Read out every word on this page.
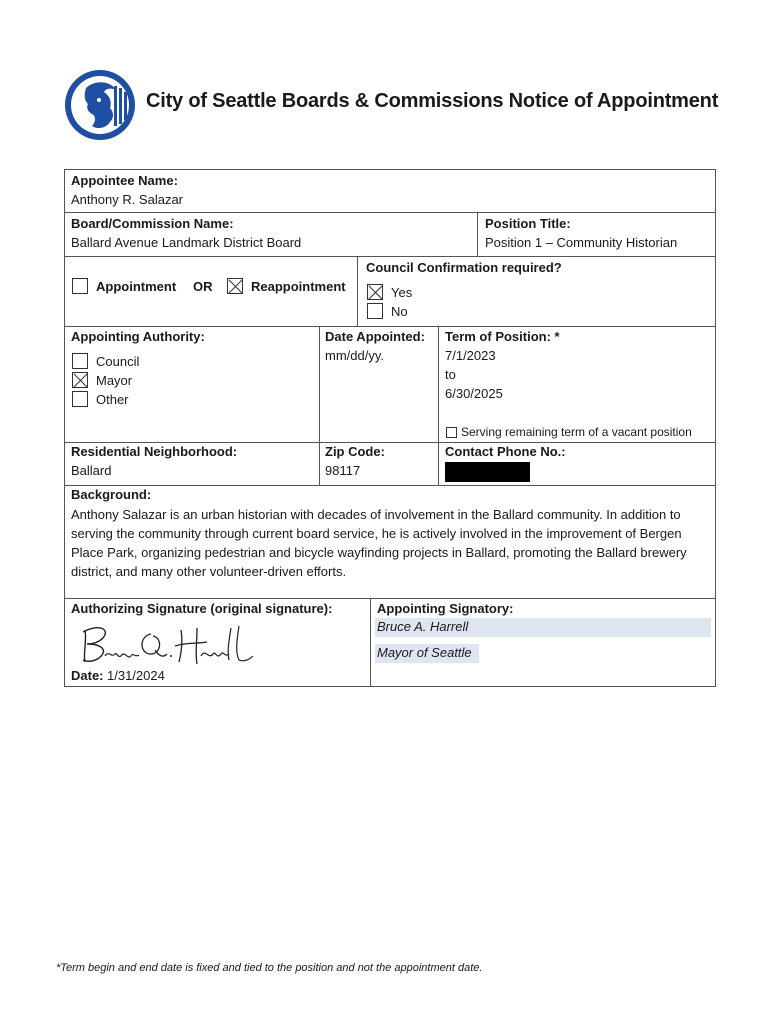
City of Seattle Boards & Commissions Notice of Appointment
Appointee Name:
Anthony R. Salazar
Board/Commission Name:
Ballard Avenue Landmark District Board
Position Title:
Position 1 – Community Historian
Appointment OR	Reappointment
Council Confirmation required?
Yes
No
Appointing Authority:
Council
Mayor
Other
Date Appointed:
mm/dd/yy.
Term of Position: *
7/1/2023
to
6/30/2025
Serving remaining term of a vacant position
Residential Neighborhood:
Ballard
Zip Code:
98117
Contact Phone No.:
Background:
Anthony Salazar is an urban historian with decades of involvement in the Ballard community. In addition to serving the community through current board service, he is actively involved in the improvement of Bergen Place Park, organizing pedestrian and bicycle wayfinding projects in Ballard, promoting the Ballard brewery district, and many other volunteer-driven efforts.
Authorizing Signature (original signature):
Date: 1/31/2024
Appointing Signatory:
Bruce A. Harrell
Mayor of Seattle
*Term begin and end date is fixed and tied to the position and not the appointment date.
